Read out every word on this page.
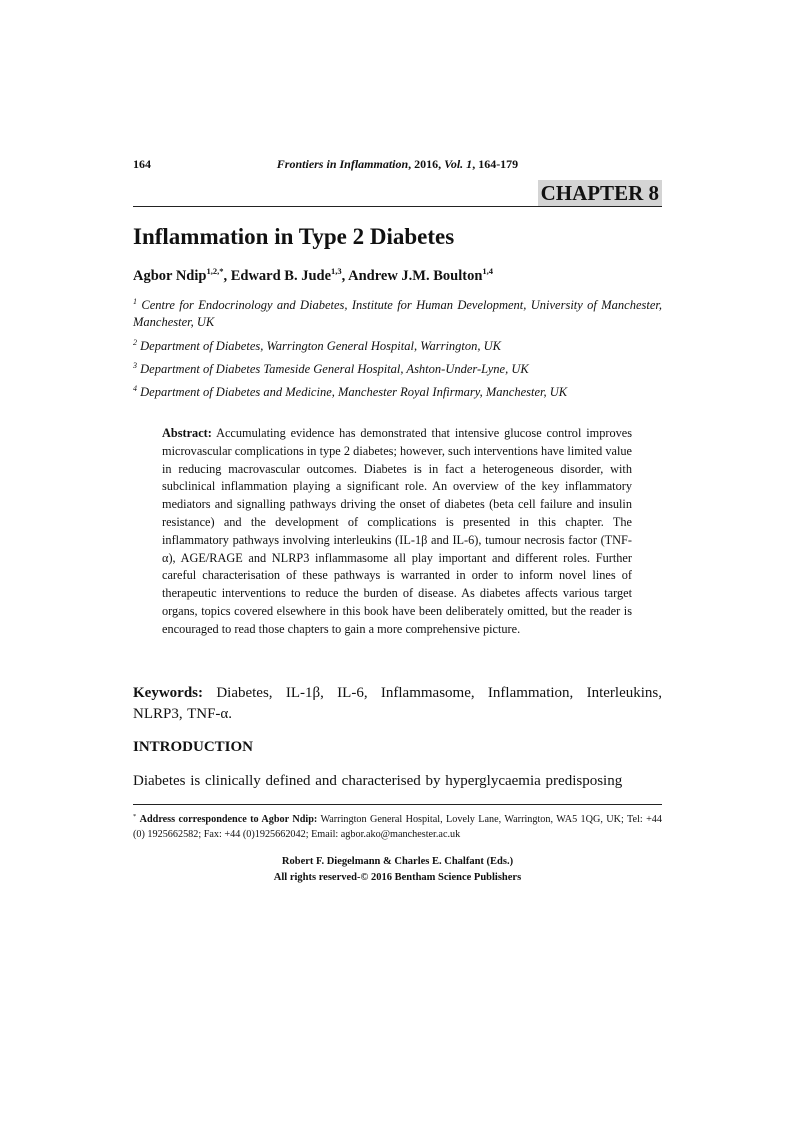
164	Frontiers in Inflammation, 2016, Vol. 1, 164-179
CHAPTER 8
Inflammation in Type 2 Diabetes
Agbor Ndip$^{1,2,*}$, Edward B. Jude$^{1,3}$, Andrew J.M. Boulton$^{1,4}$
$^1$ Centre for Endocrinology and Diabetes, Institute for Human Development, University of Manchester, Manchester, UK
$^2$ Department of Diabetes, Warrington General Hospital, Warrington, UK
$^3$ Department of Diabetes Tameside General Hospital, Ashton-Under-Lyne, UK
$^4$ Department of Diabetes and Medicine, Manchester Royal Infirmary, Manchester, UK
Abstract: Accumulating evidence has demonstrated that intensive glucose control improves microvascular complications in type 2 diabetes; however, such interventions have limited value in reducing macrovascular outcomes. Diabetes is in fact a heterogeneous disorder, with subclinical inflammation playing a significant role. An overview of the key inflammatory mediators and signalling pathways driving the onset of diabetes (beta cell failure and insulin resistance) and the development of complications is presented in this chapter. The inflammatory pathways involving interleukins (IL-1β and IL-6), tumour necrosis factor (TNF-α), AGE/RAGE and NLRP3 inflammasome all play important and different roles. Further careful characterisation of these pathways is warranted in order to inform novel lines of therapeutic interventions to reduce the burden of disease. As diabetes affects various target organs, topics covered elsewhere in this book have been deliberately omitted, but the reader is encouraged to read those chapters to gain a more comprehensive picture.
Keywords: Diabetes, IL-1β, IL-6, Inflammasome, Inflammation, Interleukins, NLRP3, TNF-α.
INTRODUCTION
Diabetes is clinically defined and characterised by hyperglycaemia predisposing
* Address correspondence to Agbor Ndip: Warrington General Hospital, Lovely Lane, Warrington, WA5 1QG, UK; Tel: +44 (0) 1925662582; Fax: +44 (0)1925662042; Email: agbor.ako@manchester.ac.uk
Robert F. Diegelmann & Charles E. Chalfant (Eds.)
All rights reserved-© 2016 Bentham Science Publishers
